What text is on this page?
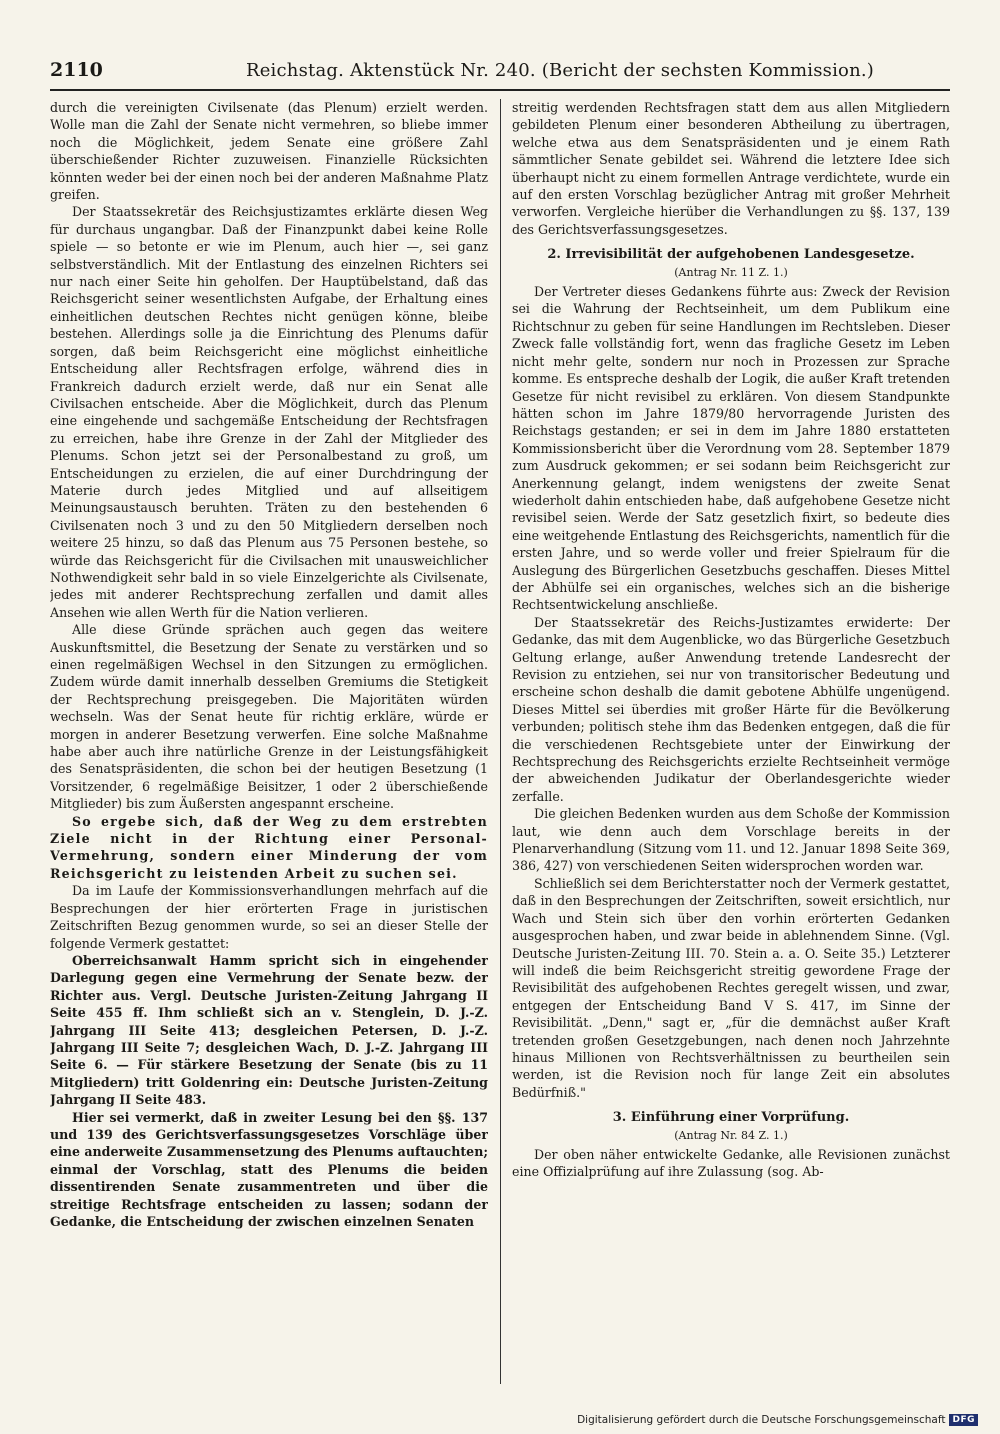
2110	Reichstag. Aktenstück Nr. 240. (Bericht der sechsten Kommission.)

durch die vereinigten Civilsenate (das Plenum) erzielt werden. Wolle man die Zahl der Senate nicht vermehren, so bliebe immer noch die Möglichkeit, jedem Senate eine größere Zahl überschießender Richter zuzuweisen. Finanzielle Rücksichten könnten weder bei der einen noch bei der anderen Maßnahme Platz greifen.

Der Staatssekretär des Reichsjustizamtes erklärte diesen Weg für durchaus ungangbar. Daß der Finanzpunkt dabei keine Rolle spiele — so betonte er wie im Plenum, auch hier —, sei ganz selbstverständlich. Mit der Entlastung des einzelnen Richters sei nur nach einer Seite hin geholfen. Der Hauptübelstand, daß das Reichsgericht seiner wesentlichsten Aufgabe, der Erhaltung eines einheitlichen deutschen Rechtes nicht genügen könne, bleibe bestehen. Allerdings solle ja die Einrichtung des Plenums dafür sorgen, daß beim Reichsgericht eine möglichst einheitliche Entscheidung aller Rechtsfragen erfolge, während dies in Frankreich dadurch erzielt werde, daß nur ein Senat alle Civilsachen entscheide. Aber die Möglichkeit, durch das Plenum eine eingehende und sachgemäße Entscheidung der Rechtsfragen zu erreichen, habe ihre Grenze in der Zahl der Mitglieder des Plenums. Schon jetzt sei der Personalbestand zu groß, um Entscheidungen zu erzielen, die auf einer Durchdringung der Materie durch jedes Mitglied und auf allseitigem Meinungsaustausch beruhten. Träten zu den bestehenden 6 Civilsenaten noch 3 und zu den 50 Mitgliedern derselben noch weitere 25 hinzu, so daß das Plenum aus 75 Personen bestehe, so würde das Reichsgericht für die Civilsachen mit unausweichlicher Nothwendigkeit sehr bald in so viele Einzelgerichte als Civilsenate, jedes mit anderer Rechtsprechung zerfallen und damit alles Ansehen wie allen Werth für die Nation verlieren.

Alle diese Gründe sprächen auch gegen das weitere Auskunftsmittel, die Besetzung der Senate zu verstärken und so einen regelmäßigen Wechsel in den Sitzungen zu ermöglichen. Zudem würde damit innerhalb desselben Gremiums die Stetigkeit der Rechtsprechung preisgegeben. Die Majoritäten würden wechseln. Was der Senat heute für richtig erkläre, würde er morgen in anderer Besetzung verwerfen. Eine solche Maßnahme habe aber auch ihre natürliche Grenze in der Leistungsfähigkeit des Senatspräsidenten, die schon bei der heutigen Besetzung (1 Vorsitzender, 6 regelmäßige Beisitzer, 1 oder 2 überschießende Mitglieder) bis zum Äußersten angespannt erscheine.

So ergebe sich, daß der Weg zu dem erstrebten Ziele nicht in der Richtung einer Personal-Vermehrung, sondern einer Minderung der vom Reichsgericht zu leistenden Arbeit zu suchen sei.

Da im Laufe der Kommissionsverhandlungen mehrfach auf die Besprechungen der hier erörterten Frage in juristischen Zeitschriften Bezug genommen wurde, so sei an dieser Stelle der folgende Vermerk gestattet:

Oberreichsanwalt Hamm spricht sich in eingehender Darlegung gegen eine Vermehrung der Senate bezw. der Richter aus. Vergl. Deutsche Juristen-Zeitung Jahrgang II Seite 455 ff. Ihm schließt sich an v. Stenglein, D. J.-Z. Jahrgang III Seite 413; desgleichen Petersen, D. J.-Z. Jahrgang III Seite 7; desgleichen Wach, D. J.-Z. Jahrgang III Seite 6. — Für stärkere Besetzung der Senate (bis zu 11 Mitgliedern) tritt Goldenring ein: Deutsche Juristen-Zeitung Jahrgang II Seite 483.

Hier sei vermerkt, daß in zweiter Lesung bei den §§. 137 und 139 des Gerichtsverfassungsgesetzes Vorschläge über eine anderweite Zusammensetzung des Plenums auftauchten; einmal der Vorschlag, statt des Plenums die beiden dissentirenden Senate zusammentreten und über die streitige Rechtsfrage entscheiden zu lassen; sodann der Gedanke, die Entscheidung der zwischen einzelnen Senaten

streitig werdenden Rechtsfragen statt dem aus allen Mitgliedern gebildeten Plenum einer besonderen Abtheilung zu übertragen, welche etwa aus dem Senatspräsidenten und je einem Rath sämmtlicher Senate gebildet sei. Während die letztere Idee sich überhaupt nicht zu einem formellen Antrage verdichtete, wurde ein auf den ersten Vorschlag bezüglicher Antrag mit großer Mehrheit verworfen. Vergleiche hierüber die Verhandlungen zu §§. 137, 139 des Gerichtsverfassungsgesetzes.

2. Irrevisibilität der aufgehobenen Landesgesetze.
(Antrag Nr. 11 Z. 1.)

Der Vertreter dieses Gedankens führte aus: Zweck der Revision sei die Wahrung der Rechtseinheit, um dem Publikum eine Richtschnur zu geben für seine Handlungen im Rechtsleben. Dieser Zweck falle vollständig fort, wenn das fragliche Gesetz im Leben nicht mehr gelte, sondern nur noch in Prozessen zur Sprache komme. Es entspreche deshalb der Logik, die außer Kraft tretenden Gesetze für nicht revisibel zu erklären. Von diesem Standpunkte hätten schon im Jahre 1879/80 hervorragende Juristen des Reichstags gestanden; er sei in dem im Jahre 1880 erstatteten Kommissionsbericht über die Verordnung vom 28. September 1879 zum Ausdruck gekommen; er sei sodann beim Reichsgericht zur Anerkennung gelangt, indem wenigstens der zweite Senat wiederholt dahin entschieden habe, daß aufgehobene Gesetze nicht revisibel seien. Werde der Satz gesetzlich fixirt, so bedeute dies eine weitgehende Entlastung des Reichsgerichts, namentlich für die ersten Jahre, und so werde voller und freier Spielraum für die Auslegung des Bürgerlichen Gesetzbuchs geschaffen. Dieses Mittel der Abhülfe sei ein organisches, welches sich an die bisherige Rechtsentwickelung anschließe.

Der Staatssekretär des Reichs-Justizamtes erwiderte: Der Gedanke, das mit dem Augenblicke, wo das Bürgerliche Gesetzbuch Geltung erlange, außer Anwendung tretende Landesrecht der Revision zu entziehen, sei nur von transitorischer Bedeutung und erscheine schon deshalb die damit gebotene Abhülfe ungenügend. Dieses Mittel sei überdies mit großer Härte für die Bevölkerung verbunden; politisch stehe ihm das Bedenken entgegen, daß die für die verschiedenen Rechtsgebiete unter der Einwirkung der Rechtsprechung des Reichsgerichts erzielte Rechtseinheit vermöge der abweichenden Judikatur der Oberlandesgerichte wieder zerfalle.

Die gleichen Bedenken wurden aus dem Schoße der Kommission laut, wie denn auch dem Vorschlage bereits in der Plenarverhandlung (Sitzung vom 11. und 12. Januar 1898 Seite 369, 386, 427) von verschiedenen Seiten widersprochen worden war.

Schließlich sei dem Berichterstatter noch der Vermerk gestattet, daß in den Besprechungen der Zeitschriften, soweit ersichtlich, nur Wach und Stein sich über den vorhin erörterten Gedanken ausgesprochen haben, und zwar beide in ablehnendem Sinne. (Vgl. Deutsche Juristen-Zeitung III. 70. Stein a. a. O. Seite 35.) Letzterer will indeß die beim Reichsgericht streitig gewordene Frage der Revisibilität des aufgehobenen Rechtes geregelt wissen, und zwar, entgegen der Entscheidung Band V S. 417, im Sinne der Revisibilität. „Denn," sagt er, „für die demnächst außer Kraft tretenden großen Gesetzgebungen, nach denen noch Jahrzehnte hinaus Millionen von Rechtsverhältnissen zu beurtheilen sein werden, ist die Revision noch für lange Zeit ein absolutes Bedürfniß."

3. Einführung einer Vorprüfung.
(Antrag Nr. 84 Z. 1.)

Der oben näher entwickelte Gedanke, alle Revisionen zunächst eine Offizialprüfung auf ihre Zulassung (sog. Ab-

Digitalisierung gefördert durch die Deutsche Forschungsgemeinschaft DFG
